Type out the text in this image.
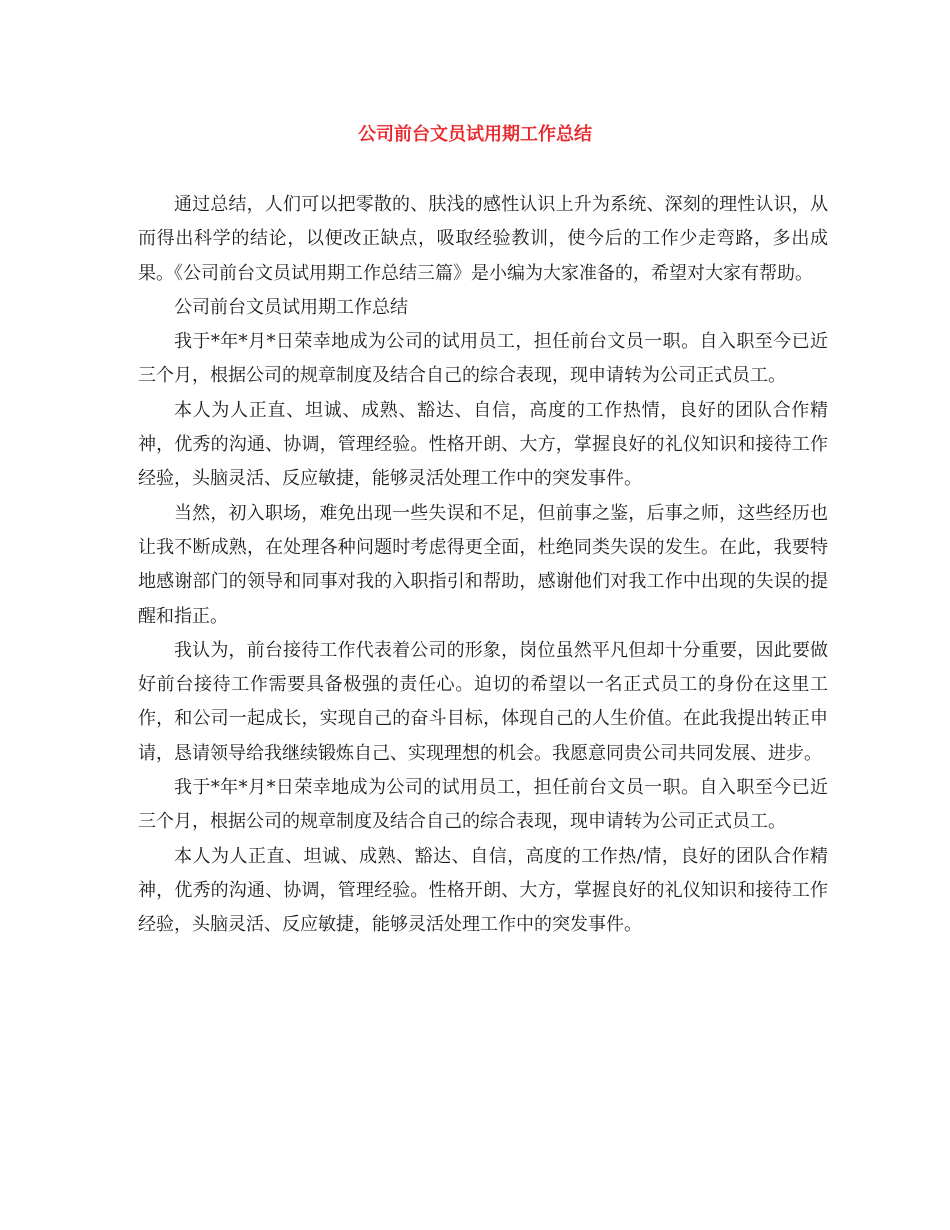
公司前台文员试用期工作总结

通过总结，人们可以把零散的、肤浅的感性认识上升为系统、深刻的理性认识，从而得出科学的结论，以便改正缺点，吸取经验教训，使今后的工作少走弯路，多出成果。《公司前台文员试用期工作总结三篇》是小编为大家准备的，希望对大家有帮助。

公司前台文员试用期工作总结

我于*年*月*日荣幸地成为公司的试用员工，担任前台文员一职。自入职至今已近三个月，根据公司的规章制度及结合自己的综合表现，现申请转为公司正式员工。

本人为人正直、坦诚、成熟、豁达、自信，高度的工作热情，良好的团队合作精神，优秀的沟通、协调，管理经验。性格开朗、大方，掌握良好的礼仪知识和接待工作经验，头脑灵活、反应敏捷，能够灵活处理工作中的突发事件。

当然，初入职场，难免出现一些失误和不足，但前事之鉴，后事之师，这些经历也让我不断成熟，在处理各种问题时考虑得更全面，杜绝同类失误的发生。在此，我要特地感谢部门的领导和同事对我的入职指引和帮助，感谢他们对我工作中出现的失误的提醒和指正。

我认为，前台接待工作代表着公司的形象，岗位虽然平凡但却十分重要，因此要做好前台接待工作需要具备极强的责任心。迫切的希望以一名正式员工的身份在这里工作，和公司一起成长，实现自己的奋斗目标，体现自己的人生价值。在此我提出转正申请，恳请领导给我继续锻炼自己、实现理想的机会。我愿意同贵公司共同发展、进步。

我于*年*月*日荣幸地成为公司的试用员工，担任前台文员一职。自入职至今已近三个月，根据公司的规章制度及结合自己的综合表现，现申请转为公司正式员工。

本人为人正直、坦诚、成熟、豁达、自信，高度的工作热/情，良好的团队合作精神，优秀的沟通、协调，管理经验。性格开朗、大方，掌握良好的礼仪知识和接待工作经验，头脑灵活、反应敏捷，能够灵活处理工作中的突发事件。
